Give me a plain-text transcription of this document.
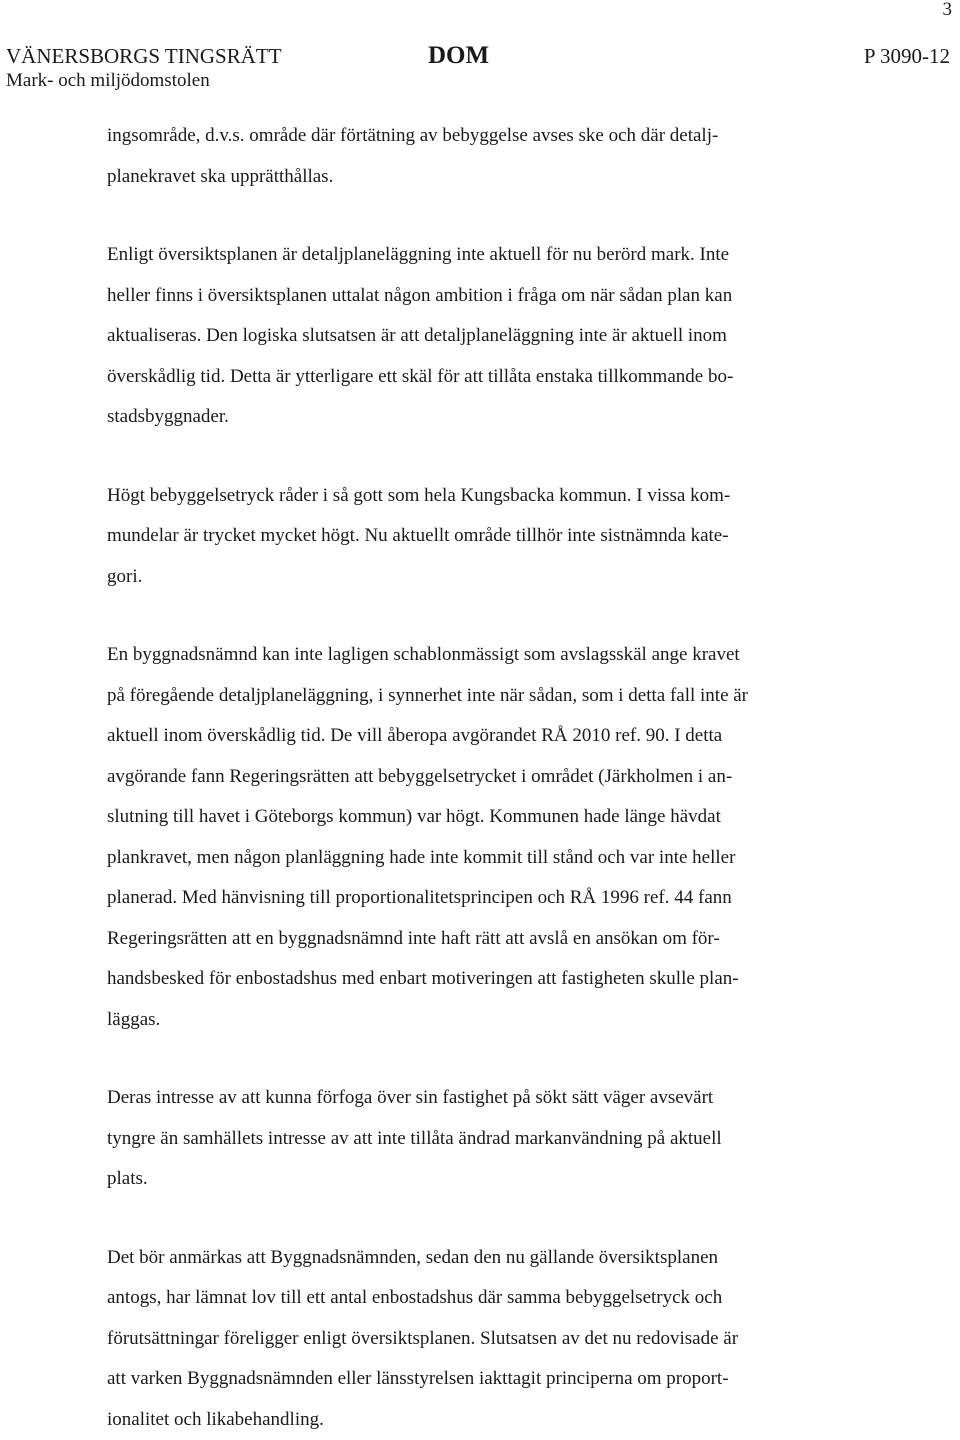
3
VÄNERSBORGS TINGSRÄTT
Mark- och miljödomstolen
DOM	P 3090-12
ingsområde, d.v.s. område där förtätning av bebyggelse avses ske och där detalj-
planekravet ska upprätthållas.
Enligt översiktsplanen är detaljplaneläggning inte aktuell för nu berörd mark. Inte
heller finns i översiktsplanen uttalat någon ambition i fråga om när sådan plan kan
aktualiseras. Den logiska slutsatsen är att detaljplaneläggning inte är aktuell inom
överskådlig tid. Detta är ytterligare ett skäl för att tillåta enstaka tillkommande bo-
stadsbyggnader.
Högt bebyggelsetryck råder i så gott som hela Kungsbacka kommun. I vissa kom-
mundelar är trycket mycket högt. Nu aktuellt område tillhör inte sistnämnda kate-
gori.
En byggnadsnämnd kan inte lagligen schablonmässigt som avslagsskäl ange kravet
på föregående detaljplaneläggning, i synnerhet inte när sådan, som i detta fall inte är
aktuell inom överskådlig tid. De vill åberopa avgörandet RÅ 2010 ref. 90. I detta
avgörande fann Regeringsrätten att bebyggelsetrycket i området (Järkholmen i an-
slutning till havet i Göteborgs kommun) var högt. Kommunen hade länge hävdat
plankravet, men någon planläggning hade inte kommit till stånd och var inte heller
planerad. Med hänvisning till proportionalitetsprincipen och RÅ 1996 ref. 44 fann
Regeringsrätten att en byggnadsnämnd inte haft rätt att avslå en ansökan om för-
handsbesked för enbostadshus med enbart motiveringen att fastigheten skulle plan-
läggas.
Deras intresse av att kunna förfoga över sin fastighet på sökt sätt väger avsevärt
tyngre än samhällets intresse av att inte tillåta ändrad markanvändning på aktuell
plats.
Det bör anmärkas att Byggnadsnämnden, sedan den nu gällande översiktsplanen
antogs, har lämnat lov till ett antal enbostadshus där samma bebyggelsetryck och
förutsättningar föreligger enligt översiktsplanen. Slutsatsen av det nu redovisade är
att varken Byggnadsnämnden eller länsstyrelsen iakttagit principerna om proport-
ionalitet och likabehandling.
